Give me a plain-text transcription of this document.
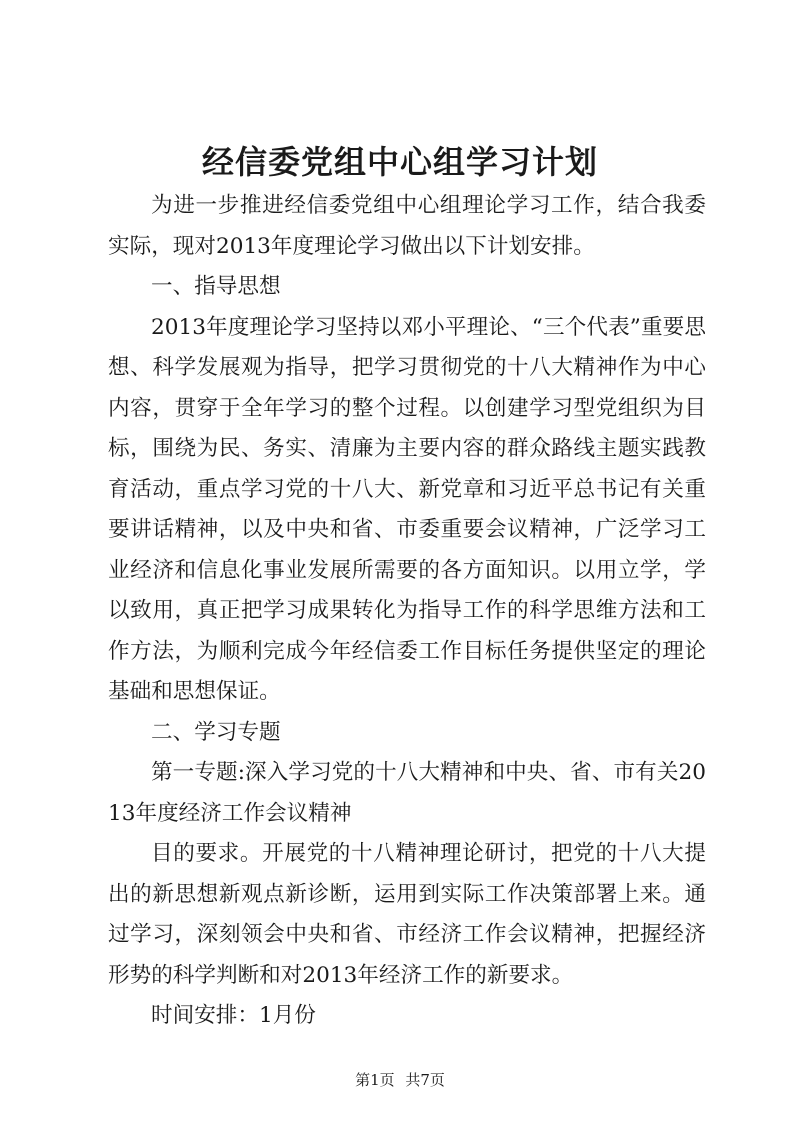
经信委党组中心组学习计划

为进一步推进经信委党组中心组理论学习工作，结合我委实际，现对2013年度理论学习做出以下计划安排。

一、指导思想

2013年度理论学习坚持以邓小平理论、“三个代表”重要思想、科学发展观为指导，把学习贯彻党的十八大精神作为中心内容，贯穿于全年学习的整个过程。以创建学习型党组织为目标，围绕为民、务实、清廉为主要内容的群众路线主题实践教育活动，重点学习党的十八大、新党章和习近平总书记有关重要讲话精神，以及中央和省、市委重要会议精神，广泛学习工业经济和信息化事业发展所需要的各方面知识。以用立学，学以致用，真正把学习成果转化为指导工作的科学思维方法和工作方法，为顺利完成今年经信委工作目标任务提供坚定的理论基础和思想保证。

二、学习专题

第一专题:深入学习党的十八大精神和中央、省、市有关2013年度经济工作会议精神

目的要求。开展党的十八精神理论研讨，把党的十八大提出的新思想新观点新诊断，运用到实际工作决策部署上来。通过学习，深刻领会中央和省、市经济工作会议精神，把握经济形势的科学判断和对2013年经济工作的新要求。

时间安排：1月份

第1页 共7页
